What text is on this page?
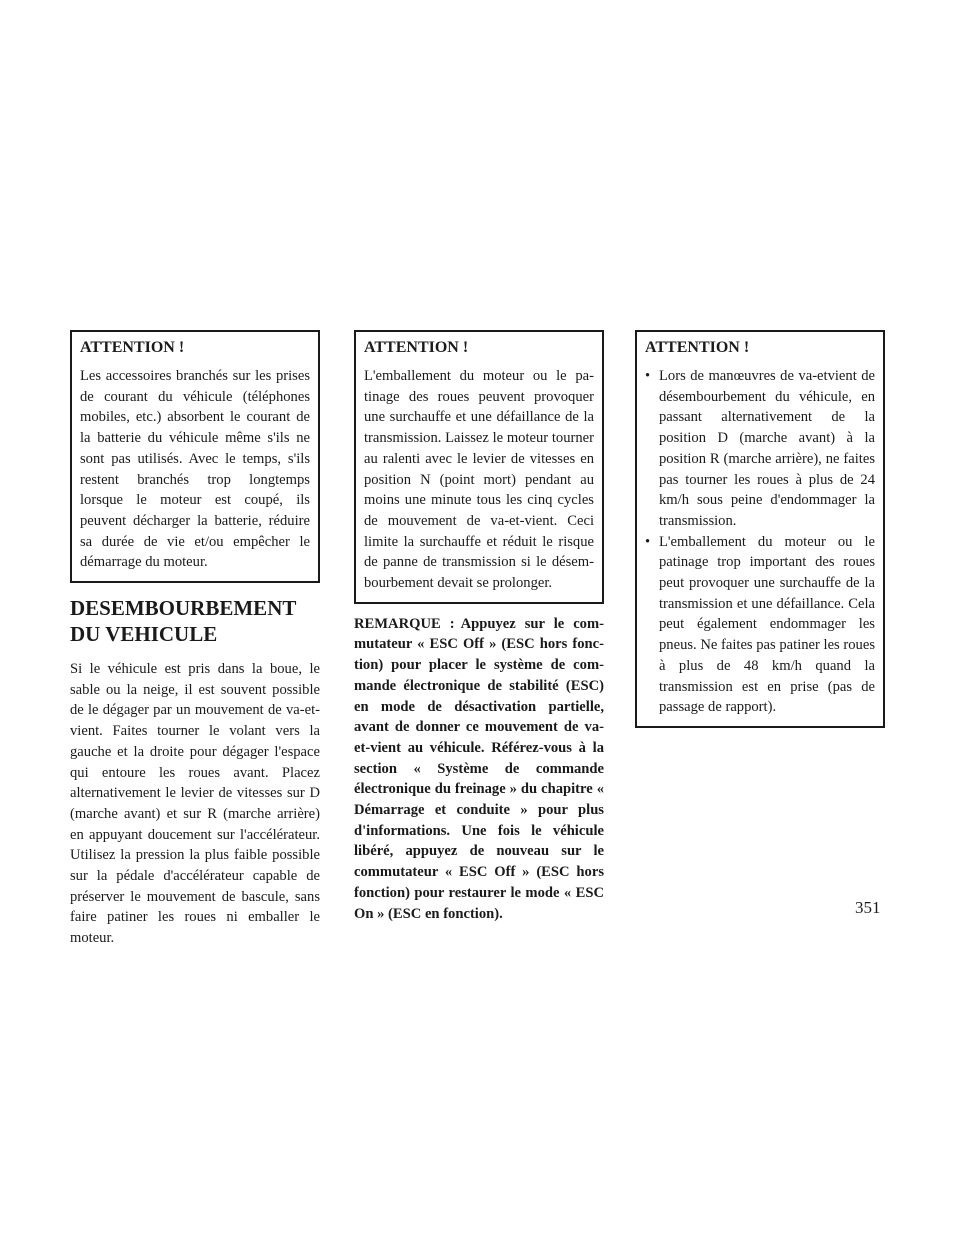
ATTENTION !

Les accessoires branchés sur les prises de courant du véhicule (téléphones mobiles, etc.) absorbent le courant de la batterie du véhicule même s'ils ne sont pas utilisés. Avec le temps, s'ils restent branchés trop longtemps lorsque le moteur est coupé, ils peuvent décharger la batterie, réduire sa durée de vie et/ou empêcher le démarrage du moteur.

DESEMBOURBEMENT
DU VEHICULE

Si le véhicule est pris dans la boue, le sable ou la neige, il est souvent possible de le dégager par un mouvement de va-et-vient. Faites tourner le volant vers la gauche et la droite pour dégager l'espace qui entoure les roues avant. Placez alternativement le levier de vitesses sur D (marche avant) et sur R (marche arrière) en appuyant doucement sur l'accélérateur. Utilisez la pression la plus faible possible sur la pédale d'accélérateur capable de préserver le mouvement de bascule, sans faire patiner les roues ni emballer le moteur.

ATTENTION !

L'emballement du moteur ou le patinage des roues peuvent provoquer une surchauffe et une défaillance de la transmission. Laissez le moteur tourner au ralenti avec le levier de vitesses en position N (point mort) pendant au moins une minute tous les cinq cycles de mouvement de va-et-vient. Ceci limite la surchauffe et réduit le risque de panne de transmission si le désembourbement devait se prolonger.

REMARQUE : Appuyez sur le commutateur « ESC Off » (ESC hors fonction) pour placer le système de commande électronique de stabilité (ESC) en mode de désactivation partielle, avant de donner ce mouvement de va-et-vient au véhicule. Référez-vous à la section « Système de commande électronique du freinage » du chapitre « Démarrage et conduite » pour plus d'informations. Une fois le véhicule libéré, appuyez de nouveau sur le commutateur « ESC Off » (ESC hors fonction) pour restaurer le mode « ESC On » (ESC en fonction).

ATTENTION !
• Lors de manœuvres de va-etvient de désembourbement du véhicule, en passant alternativement de la position D (marche avant) à la position R (marche arrière), ne faites pas tourner les roues à plus de 24 km/h sous peine d'endommager la transmission.
• L'emballement du moteur ou le patinage trop important des roues peut provoquer une surchauffe de la transmission et une défaillance. Cela peut également endommager les pneus. Ne faites pas patiner les roues à plus de 48 km/h quand la transmission est en prise (pas de passage de rapport).
351
